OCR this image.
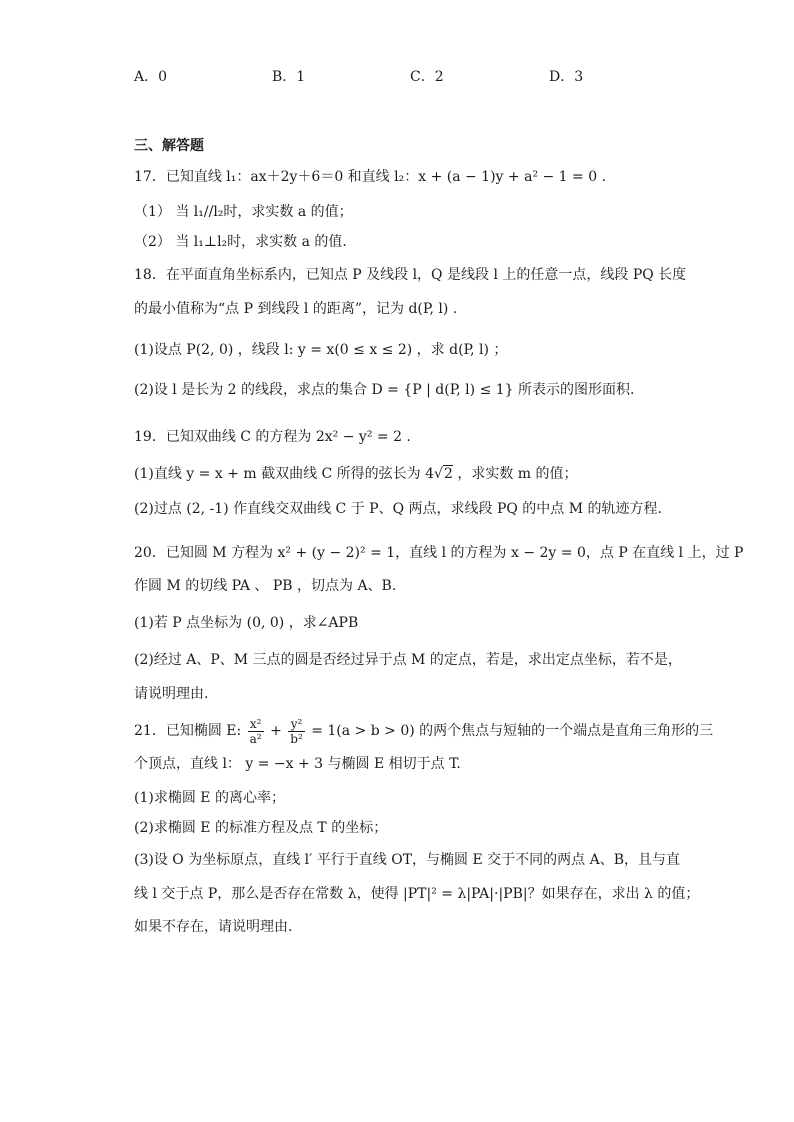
A．0	B．1	C．2	D．3
三、解答题
17．已知直线 l₁：ax＋2y＋6＝0 和直线 l₂：x + (a − 1)y + a² − 1 = 0 .
（1） 当 l₁//l₂时，求实数 a 的值；
（2） 当 l₁⊥l₂时，求实数 a 的值.
18．在平面直角坐标系内，已知点 P 及线段 l，Q 是线段 l 上的任意一点，线段 PQ 长度
的最小值称为“点 P 到线段 l 的距离”，记为 d(P, l) .
(1)设点 P(2, 0) ，线段 l: y = x(0 ≤ x ≤ 2) ，求 d(P, l) ；
(2)设 l 是长为 2 的线段，求点的集合 D = {P | d(P, l) ≤ 1} 所表示的图形面积.
19．已知双曲线 C 的方程为 2x² − y² = 2 .
(1)直线 y = x + m 截双曲线 C 所得的弦长为 4√2 ，求实数 m 的值；
(2)过点 (2, -1) 作直线交双曲线 C 于 P、Q 两点，求线段 PQ 的中点 M 的轨迹方程.
20．已知圆 M 方程为 x² + (y − 2)² = 1，直线 l 的方程为 x − 2y = 0，点 P 在直线 l 上，过 P
作圆 M 的切线 PA 、 PB ，切点为 A、B.
(1)若 P 点坐标为 (0, 0) ，求∠APB
(2)经过 A、P、M 三点的圆是否经过异于点 M 的定点，若是，求出定点坐标，若不是，
请说明理由.
21．已知椭圆 E: $\frac{\text{x²}}{\text{a²}} + \frac{\text{y²}}{\text{b²}} = 1(a > b > 0)$ 的两个焦点与短轴的一个端点是直角三角形的三
个顶点，直线 l： y = −x + 3 与椭圆 E 相切于点 T.
(1)求椭圆 E 的离心率；
(2)求椭圆 E 的标准方程及点 T 的坐标；
(3)设 O 为坐标原点，直线 l′ 平行于直线 OT，与椭圆 E 交于不同的两点 A、B，且与直
线 l 交于点 P，那么是否存在常数 λ，使得 |PT|² = λ|PA|·|PB|？如果存在，求出 λ 的值；
如果不存在，请说明理由.
